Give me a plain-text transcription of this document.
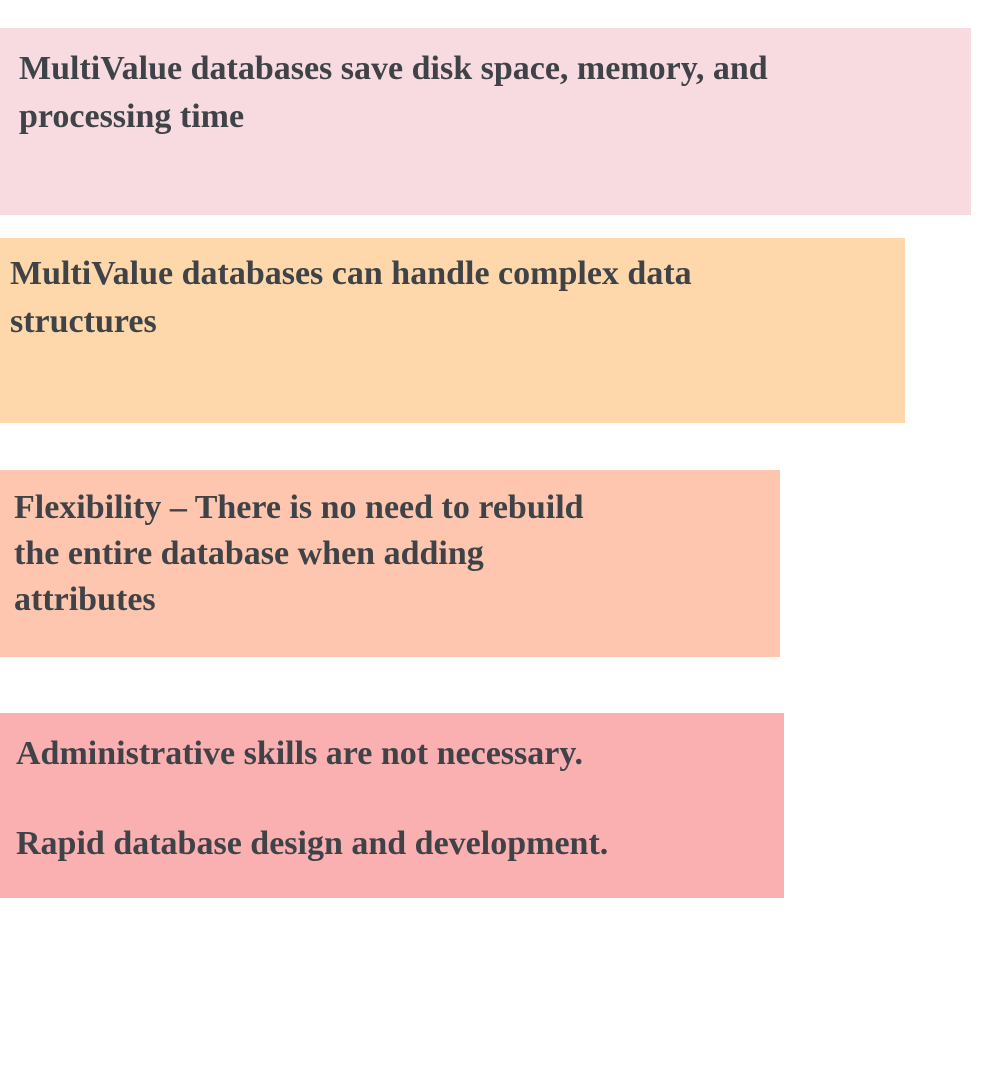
MultiValue databases save disk space, memory, and
processing time
MultiValue databases can handle complex data
structures
Flexibility – There is no need to rebuild
the entire database when adding
attributes
Administrative skills are not necessary.
Rapid database design and development.
